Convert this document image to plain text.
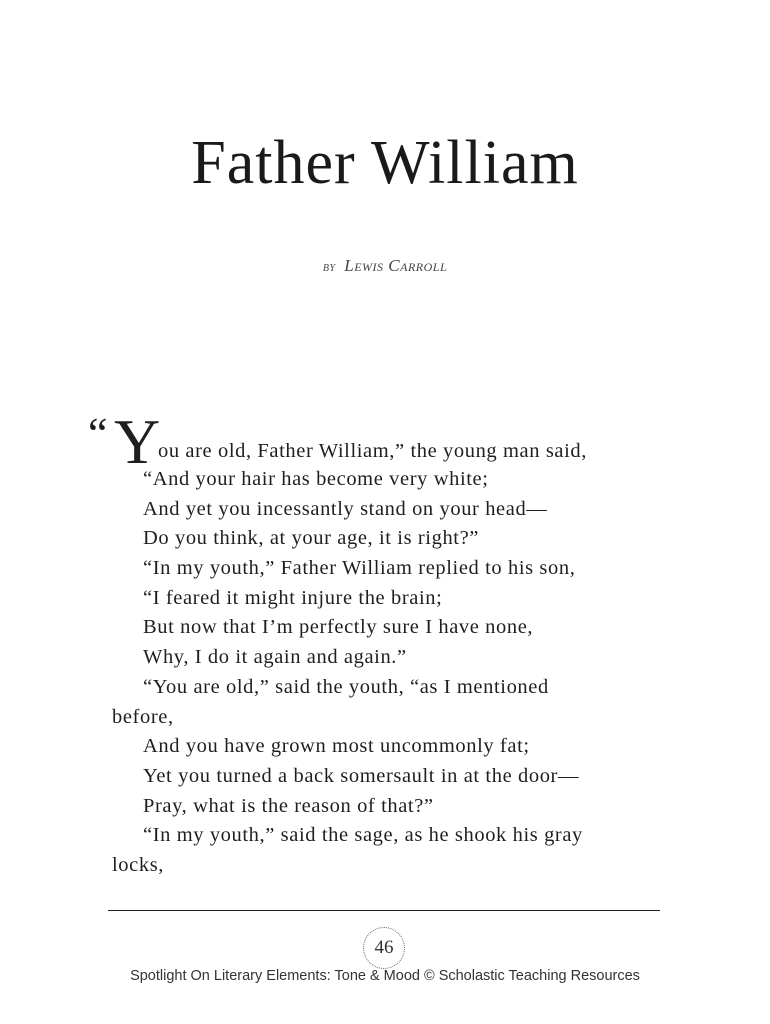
Father William
by Lewis Carroll
“ Y
ou are old, Father William,” the young man said,
“And your hair has become very white;
And yet you incessantly stand on your head—
Do you think, at your age, it is right?”
“In my youth,” Father William replied to his son,
“I feared it might injure the brain;
But now that I’m perfectly sure I have none,
Why, I do it again and again.”
“You are old,” said the youth, “as I mentioned
before,
And you have grown most uncommonly fat;
Yet you turned a back somersault in at the door—
Pray, what is the reason of that?”
“In my youth,” said the sage, as he shook his gray
locks,
46
Spotlight On Literary Elements: Tone & Mood © Scholastic Teaching Resources
